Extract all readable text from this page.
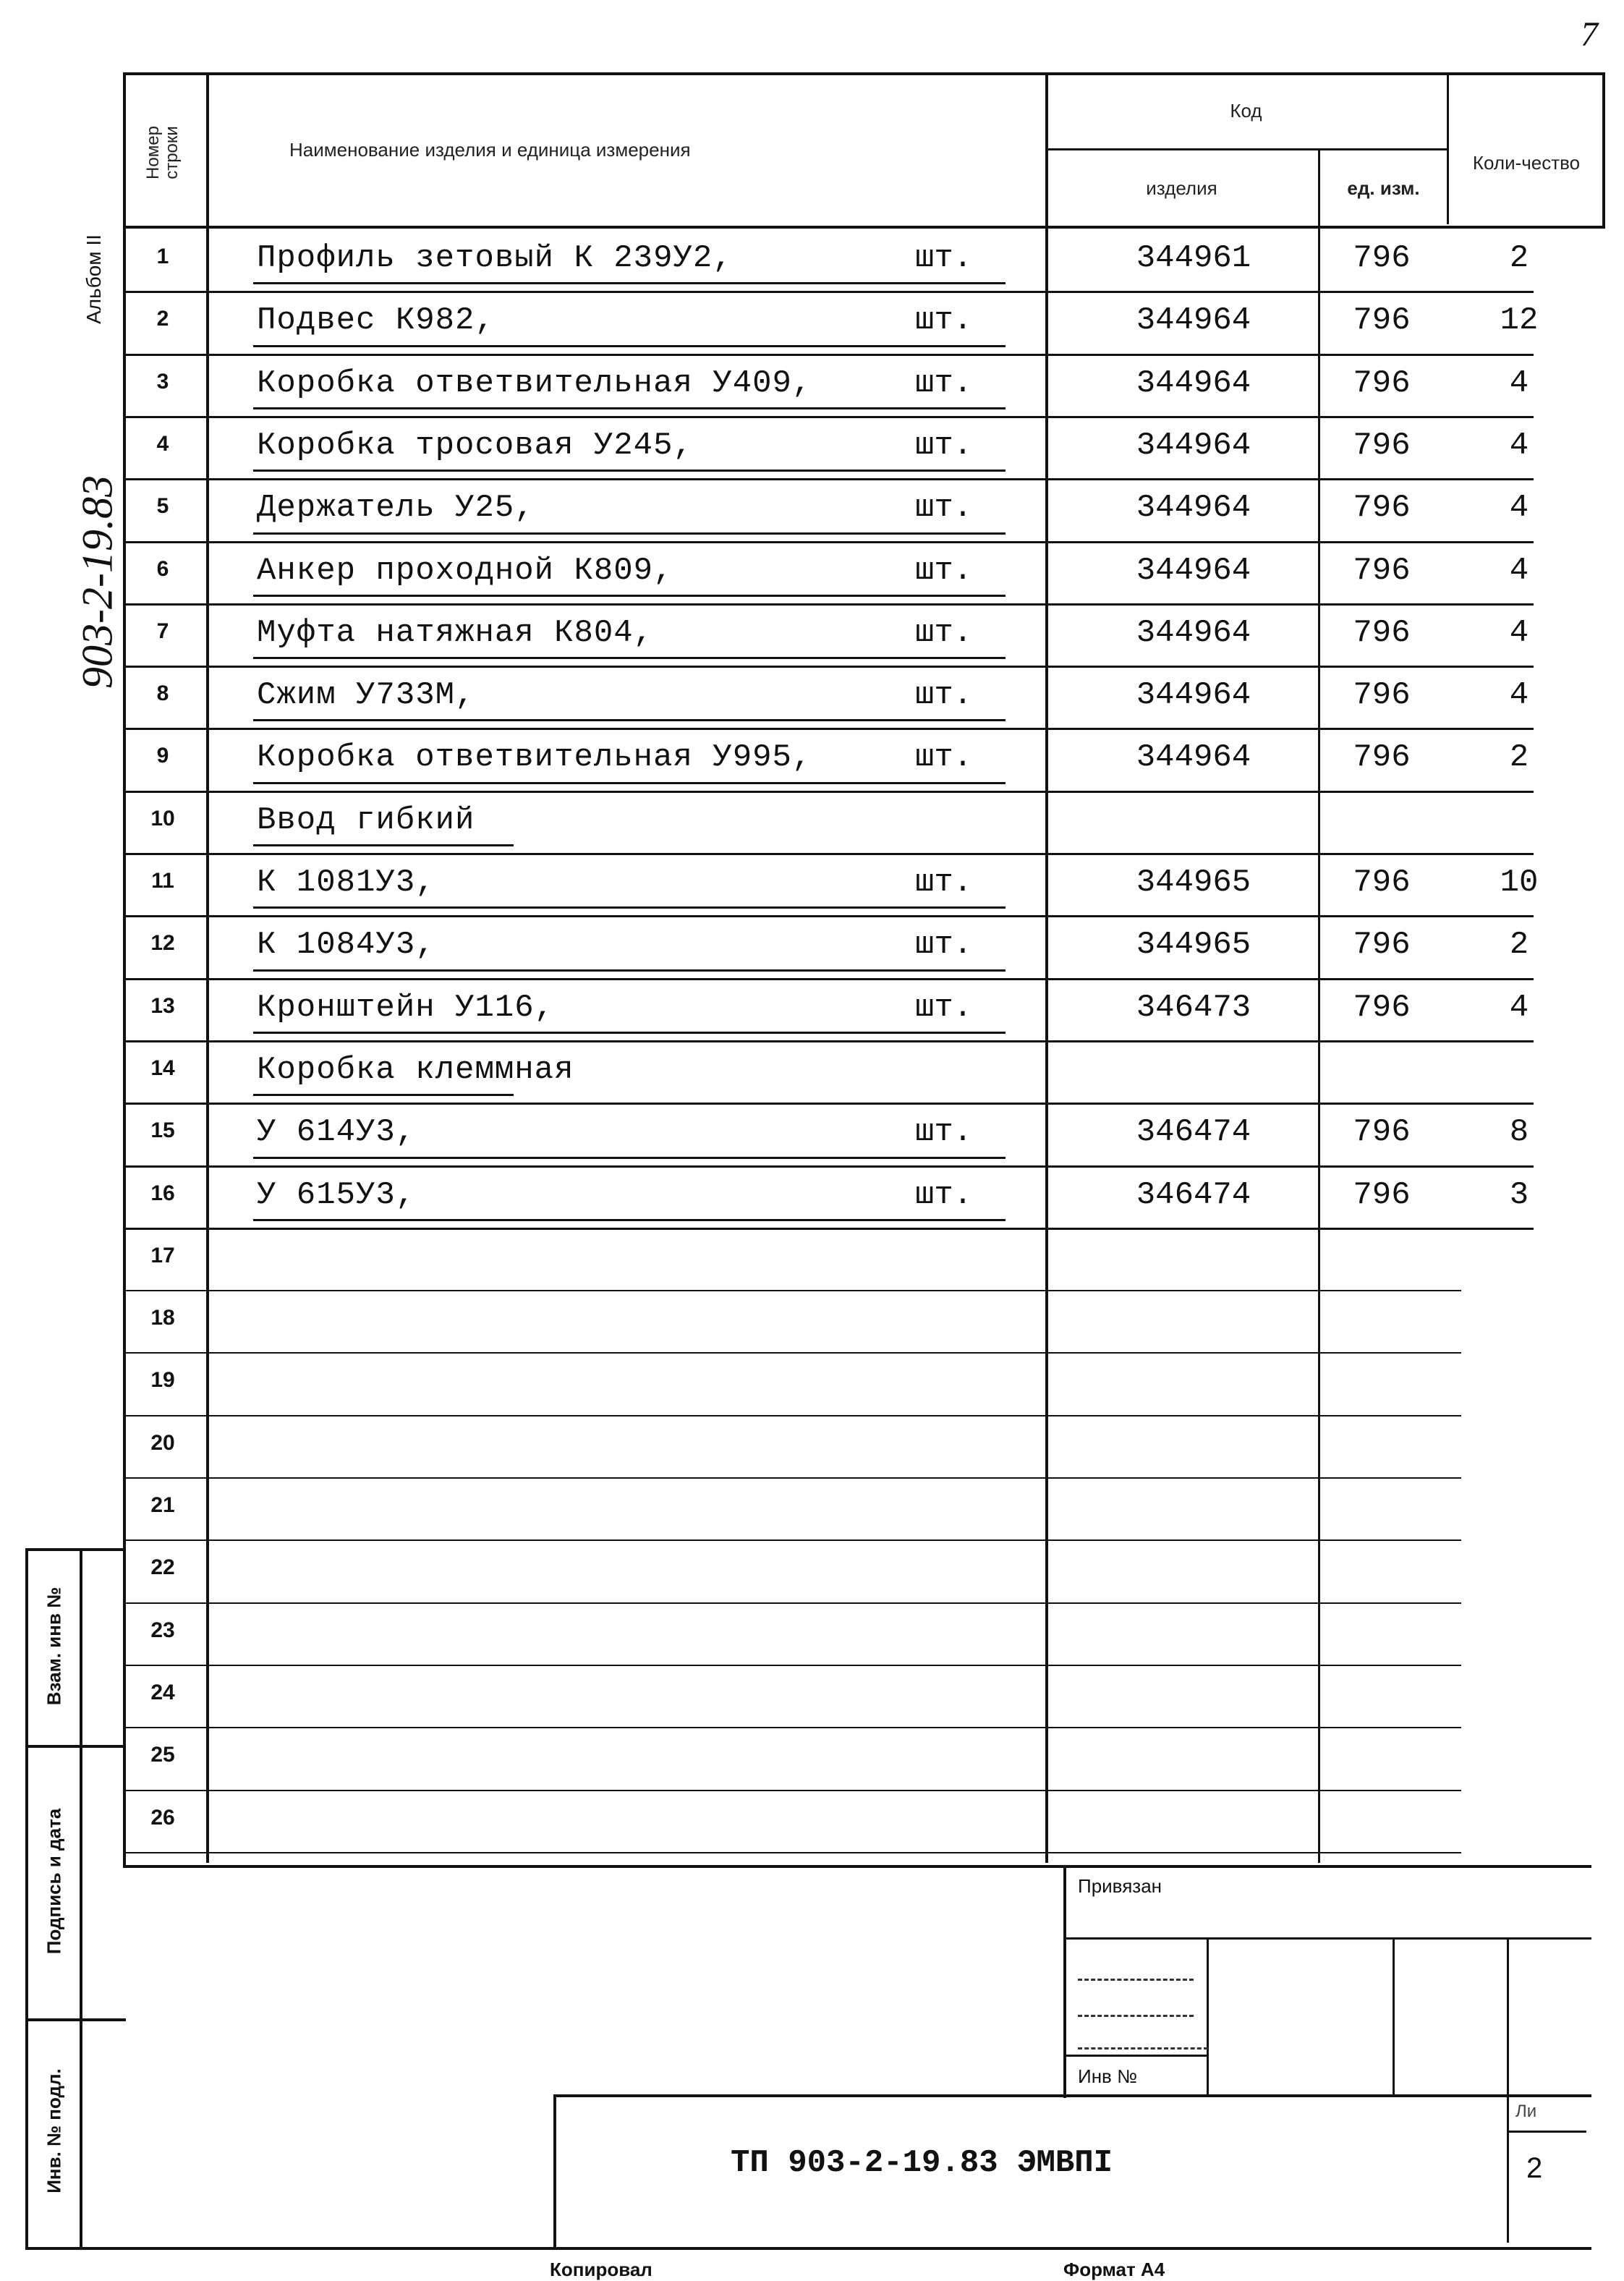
7
Номер строки	Наименование изделия и единица измерения
Код
изделия	ед. изм.
Коли-чество
1	Профиль зетовый К 239У2,	шт.	344961	796	2
2	Подвес К982,	шт.	344964	796	12
3	Коробка ответвительная У409,	шт.	344964	796	4
4	Коробка тросовая У245,	шт.	344964	796	4
5	Держатель У25,	шт.	344964	796	4
6	Анкер проходной К809,	шт.	344964	796	4
7	Муфта натяжная К804,	шт.	344964	796	4
8	Сжим У733М,	шт.	344964	796	4
9	Коробка ответвительная У995,	шт.	344964	796	2
10	Ввод гибкий
11	К 1081У3,	шт.	344965	796	10
12	К 1084У3,	шт.	344965	796	2
13	Кронштейн У116,	шт.	346473	796	4
14	Коробка клеммная
15	У 614У3,	шт.	346474	796	8
16	У 615У3,	шт.	346474	796	3
17
18
19
20
21
22
23
24
25
26
Взам. инв №
Подпись и дата
Инв. № подл.
Альбом II
903-2-19.83
Привязан
Инв №
ТП 903-2-19.83 ЭМВПI
Ли
2
Копировал	Формат А4
